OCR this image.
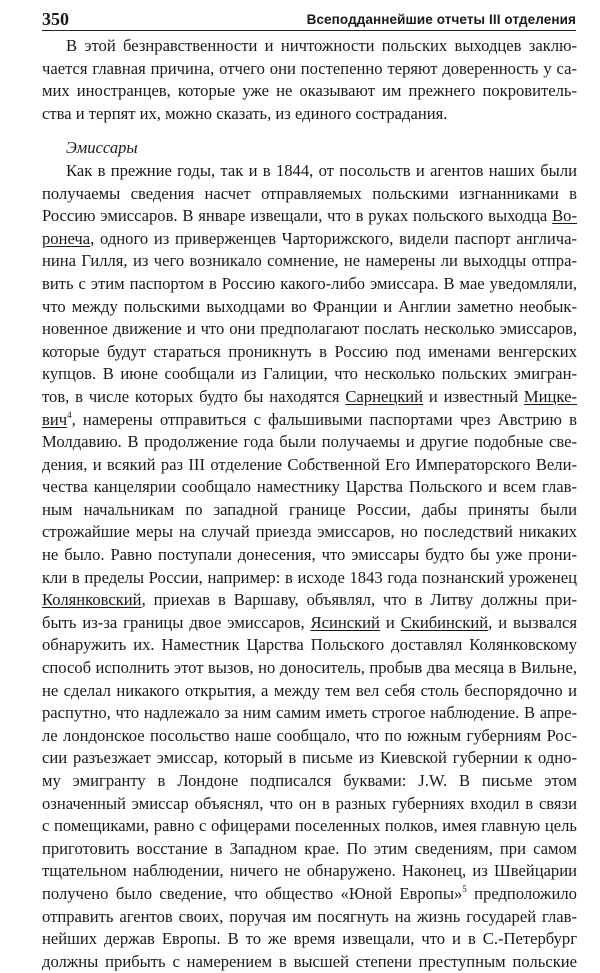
350	Всеподданнейшие отчеты III отделения
В этой безнравственности и ничтожности польских выходцев заклю-
чается главная причина, отчего они постепенно теряют доверенность у са-
мих иностранцев, которые уже не оказывают им прежнего покровитель-
ства и терпят их, можно сказать, из единого сострадания.
Эмиссары
Как в прежние годы, так и в 1844, от посольств и агентов наших были
получаемы сведения насчет отправляемых польскими изгнанниками в
Россию эмиссаров. В январе извещали, что в руках польского выходца Во-
ронеча, одного из приверженцев Чарторижского, видели паспорт англича-
нина Гилля, из чего возникало сомнение, не намерены ли выходцы отпра-
вить с этим паспортом в Россию какого-либо эмиссара. В мае уведомляли,
что между польскими выходцами во Франции и Англии заметно необык-
новенное движение и что они предполагают послать несколько эмиссаров,
которые будут стараться проникнуть в Россию под именами венгерских
купцов. В июне сообщали из Галиции, что несколько польских эмигран-
тов, в числе которых будто бы находятся Сарнецкий и известный Мицке-
вич$^4$, намерены отправиться с фальшивыми паспортами чрез Австрию в
Молдавию. В продолжение года были получаемы и другие подобные све-
дения, и всякий раз III отделение Собственной Его Императорского Вели-
чества канцелярии сообщало наместнику Царства Польского и всем глав-
ным начальникам по западной границе России, дабы приняты были
строжайшие меры на случай приезда эмиссаров, но последствий никаких
не было. Равно поступали донесения, что эмиссары будто бы уже прони-
кли в пределы России, например: в исходе 1843 года познанский уроженец
Колянковский, приехав в Варшаву, объявлял, что в Литву должны при-
быть из-за границы двое эмиссаров, Ясинский и Скибинский, и вызвался
обнаружить их. Наместник Царства Польского доставлял Колянковскому
способ исполнить этот вызов, но доноситель, пробыв два месяца в Вильне,
не сделал никакого открытия, а между тем вел себя столь беспорядочно и
распутно, что надлежало за ним самим иметь строгое наблюдение. В апре-
ле лондонское посольство наше сообщало, что по южным губерниям Рос-
сии разъезжает эмиссар, который в письме из Киевской губернии к одно-
му эмигранту в Лондоне подписался буквами: J.W. В письме этом
означенный эмиссар объяснял, что он в разных губерниях входил в связи
с помещиками, равно с офицерами поселенных полков, имея главную цель
приготовить восстание в Западном крае. По этим сведениям, при самом
тщательном наблюдении, ничего не обнаружено. Наконец, из Швейцарии
получено было сведение, что общество «Юной Европы»$^5$ предположило
отправить агентов своих, поручая им посягнуть на жизнь государей глав-
нейших держав Европы. В то же время извещали, что и в С.-Петербург
должны прибыть с намерением в высшей степени преступным польские
